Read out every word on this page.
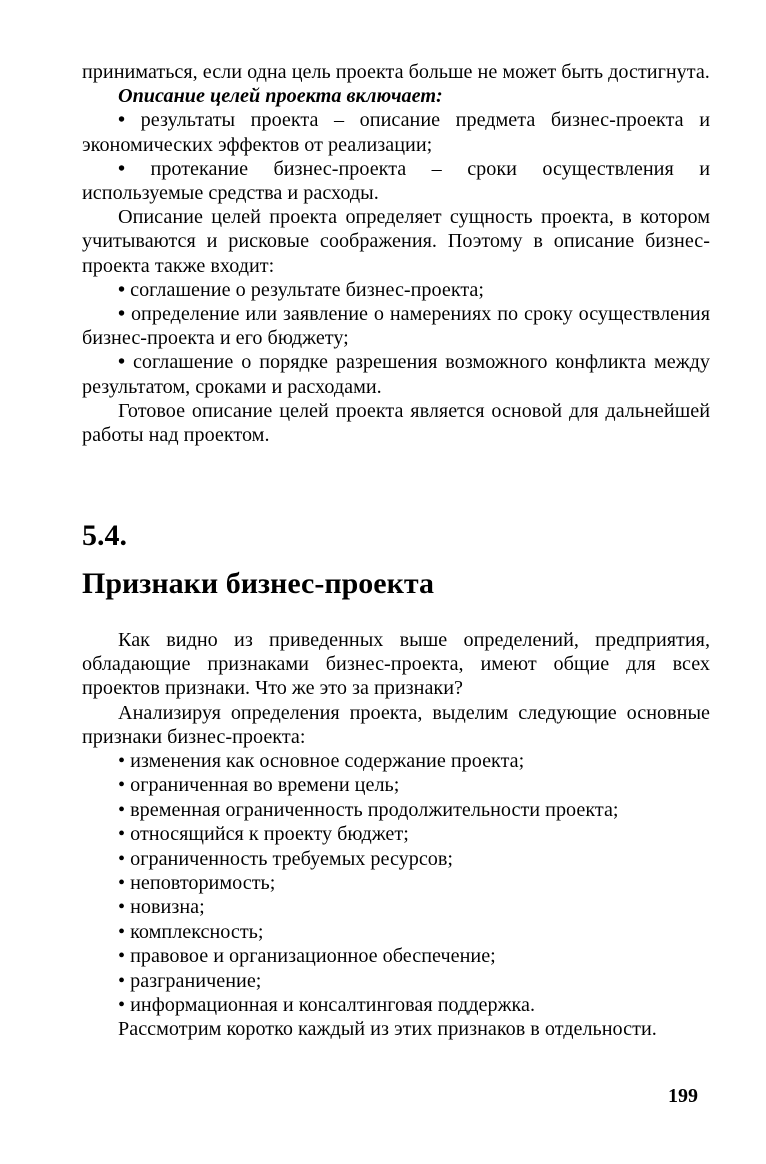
приниматься, если одна цель проекта больше не может быть достигнута.

Описание целей проекта включает:

• результаты проекта – описание предмета бизнес-проекта и экономических эффектов от реализации;

• протекание бизнес-проекта – сроки осуществления и используемые средства и расходы.

Описание целей проекта определяет сущность проекта, в котором учитываются и рисковые соображения. Поэтому в описание бизнес-проекта также входит:

• соглашение о результате бизнес-проекта;

• определение или заявление о намерениях по сроку осуществления бизнес-проекта и его бюджету;

• соглашение о порядке разрешения возможного конфликта между результатом, сроками и расходами.

Готовое описание целей проекта является основой для дальнейшей работы над проектом.

5.4.
Признаки бизнес-проекта

Как видно из приведенных выше определений, предприятия, обладающие признаками бизнес-проекта, имеют общие для всех проектов признаки. Что же это за признаки?

Анализируя определения проекта, выделим следующие основные признаки бизнес-проекта:

• изменения как основное содержание проекта;
• ограниченная во времени цель;
• временная ограниченность продолжительности проекта;
• относящийся к проекту бюджет;
• ограниченность требуемых ресурсов;
• неповторимость;
• новизна;
• комплексность;
• правовое и организационное обеспечение;
• разграничение;
• информационная и консалтинговая поддержка.

Рассмотрим коротко каждый из этих признаков в отдельности.

199
